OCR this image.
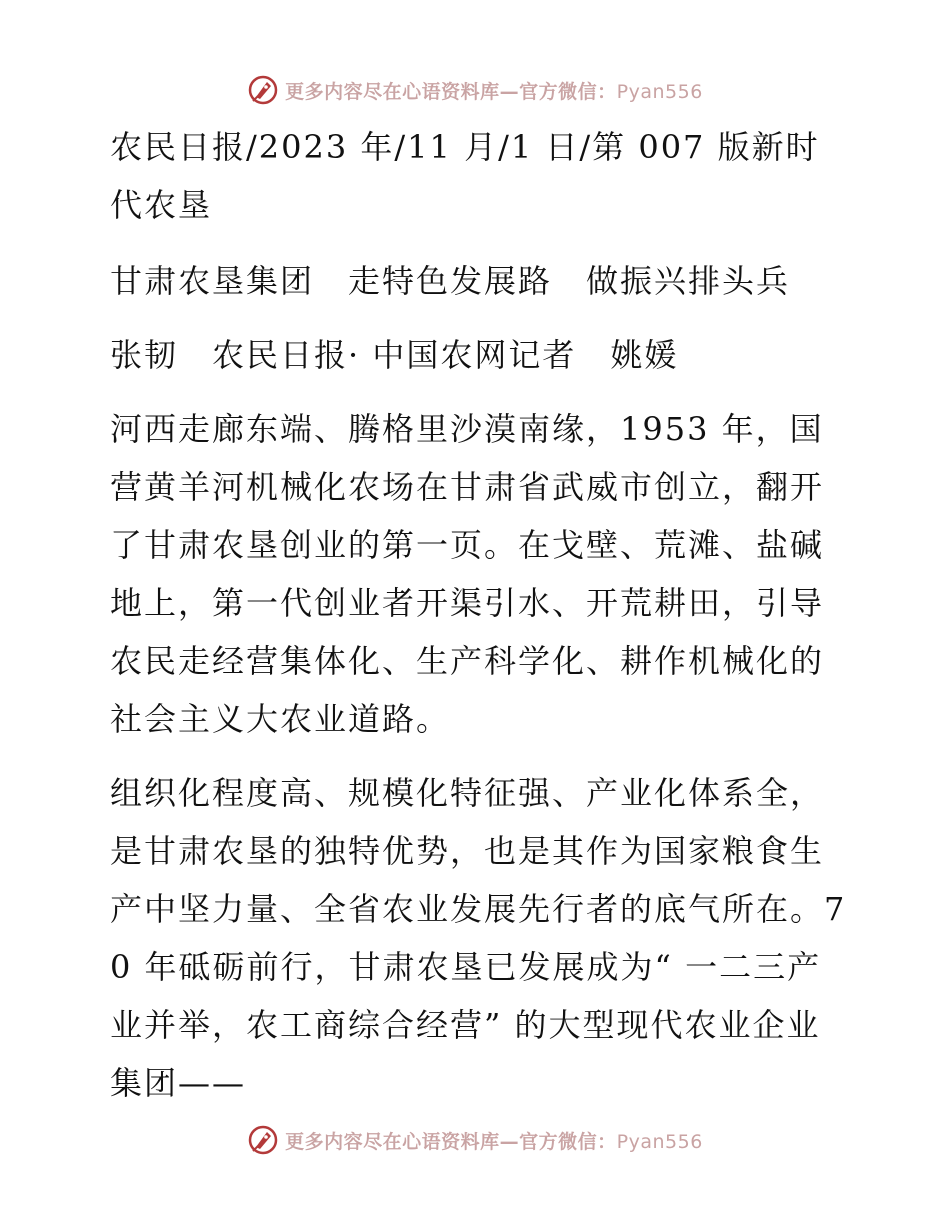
更多内容尽在心语资料库—官方微信：Pyan556

农民日报/2023 年/11 月/1 日/第 007 版新时代农垦

甘肃农垦集团　走特色发展路　做振兴排头兵

张韧　农民日报· 中国农网记者　姚媛

河西走廊东端、腾格里沙漠南缘，1953 年，国营黄羊河机械化农场在甘肃省武威市创立，翻开了甘肃农垦创业的第一页。在戈壁、荒滩、盐碱地上，第一代创业者开渠引水、开荒耕田，引导农民走经营集体化、生产科学化、耕作机械化的社会主义大农业道路。

组织化程度高、规模化特征强、产业化体系全，是甘肃农垦的独特优势，也是其作为国家粮食生产中坚力量、全省农业发展先行者的底气所在。70 年砥砺前行，甘肃农垦已发展成为“ 一二三产业并举，农工商综合经营” 的大型现代农业企业集团——

更多内容尽在心语资料库—官方微信：Pyan556
